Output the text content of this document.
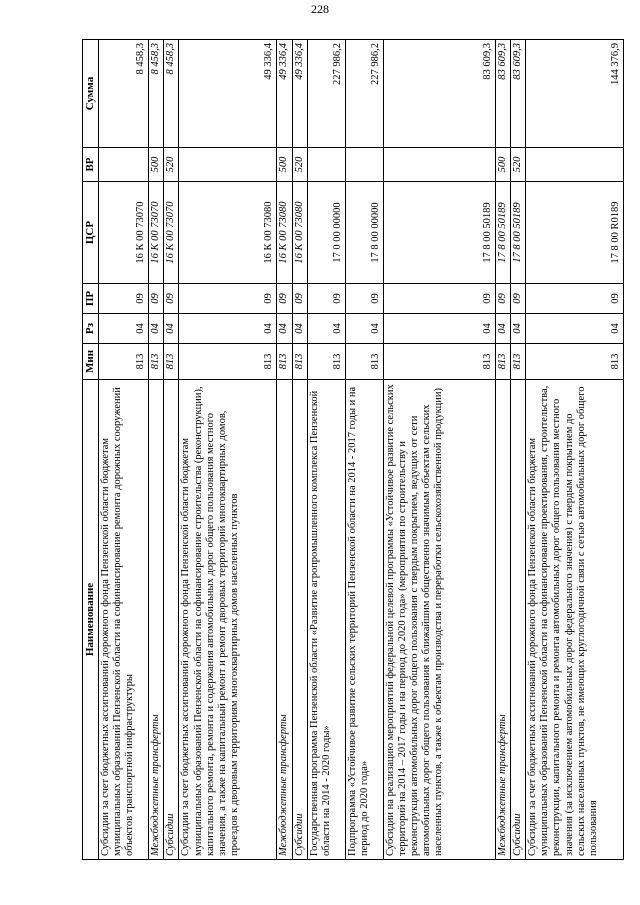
228
Наименование	Мин	Рз	ПР	ЦСР	ВР	Сумма
Субсидии за счет бюджетных ассигнований дорожного фонда Пензенской области бюджетам муниципальных образований Пензенской области на софинансирование ремонта дорожных сооружений объектов транспортной инфраструктуры	813	04	09	16 К 00 73070		8 458,3
Межбюджетные трансферты	813	04	09	16 К 00 73070	500	8 458,3
Субсидии	813	04	09	16 К 00 73070	520	8 458,3
Субсидии за счет бюджетных ассигнований дорожного фонда Пензенской области бюджетам муниципальных образований Пензенской области на софинансирование строительства (реконструкции), капитального ремонта, ремонта и содержания автомобильных дорог общего пользования местного значения, а также на капитальный ремонт и ремонт дворовых территорий многоквартирных домов, проездов к дворовым территориям многоквартирных домов населенных пунктов	813	04	09	16 К 00 73080		49 336,4
Межбюджетные трансферты	813	04	09	16 К 00 73080	500	49 336,4
Субсидии	813	04	09	16 К 00 73080	520	49 336,4
Государственная программа Пензенской области «Развитие агропромышленного комплекса Пензенской области на 2014 - 2020 годы»	813	04	09	17 0 00 00000		227 986,2
Подпрограмма «Устойчивое развитие сельских территорий Пензенской области на 2014 - 2017 годы и на период до 2020 года»	813	04	09	17 8 00 00000		227 986,2
Субсидии на реализацию мероприятий федеральной целевой программы «Устойчивое развитие сельских территорий на 2014 – 2017 годы и на период до 2020 года» (мероприятия по строительству и реконструкции автомобильных дорог общего пользования с твердым покрытием, ведущих от сети автомобильных дорог общего пользования к ближайшим общественно значимым объектам сельских населенных пунктов, а также к объектам производства и переработки сельскохозяйственной продукции)	813	04	09	17 8 00 50189		83 609,3
Межбюджетные трансферты	813	04	09	17 8 00 50189	500	83 609,3
Субсидии	813	04	09	17 8 00 50189	520	83 609,3
Субсидии за счет бюджетных ассигнований дорожного фонда Пензенской области бюджетам муниципальных образований Пензенской области на софинансирование проектирования, строительства, реконструкции, капитального ремонта и ремонта автомобильных дорог общего пользования местного значения (за исключением автомобильных дорог федерального значения) с твердым покрытием до сельских населенных пунктов, не имеющих круглогодичной связи с сетью автомобильных дорог общего пользования	813	04	09	17 8 00 R0189		144 376,9
